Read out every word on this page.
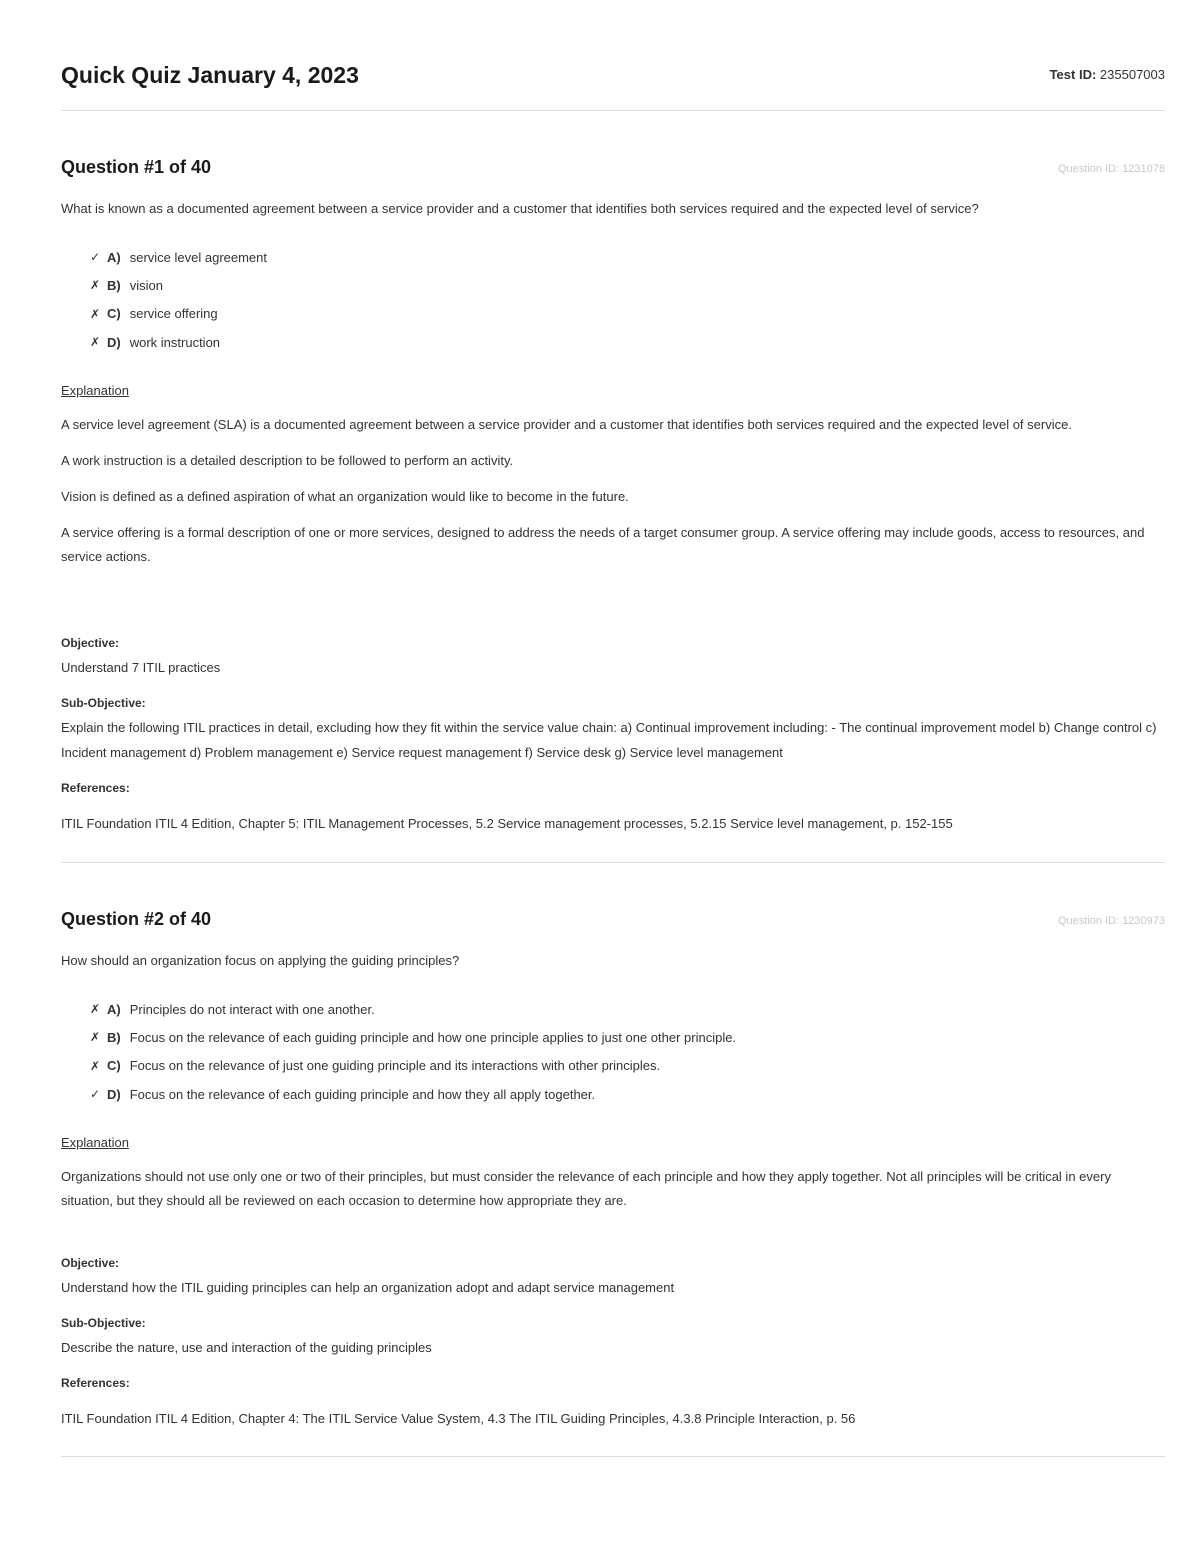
Quick Quiz January 4, 2023	Test ID: 235507003
Question #1 of 40	Question ID: 1231078
What is known as a documented agreement between a service provider and a customer that identifies both services required and the expected level of service?
✓ A) service level agreement
✗ B) vision
✗ C) service offering
✗ D) work instruction
Explanation

A service level agreement (SLA) is a documented agreement between a service provider and a customer that identifies both services required and the expected level of service.

A work instruction is a detailed description to be followed to perform an activity.

Vision is defined as a defined aspiration of what an organization would like to become in the future.

A service offering is a formal description of one or more services, designed to address the needs of a target consumer group. A service offering may include goods, access to resources, and service actions.

Objective:
Understand 7 ITIL practices
Sub-Objective:
Explain the following ITIL practices in detail, excluding how they fit within the service value chain: a) Continual improvement including: - The continual improvement model b) Change control c) Incident management d) Problem management e) Service request management f) Service desk g) Service level management
References:
ITIL Foundation ITIL 4 Edition, Chapter 5: ITIL Management Processes, 5.2 Service management processes, 5.2.15 Service level management, p. 152-155
Question #2 of 40	Question ID: 1230973
How should an organization focus on applying the guiding principles?
✗ A) Principles do not interact with one another.
✗ B) Focus on the relevance of each guiding principle and how one principle applies to just one other principle.
✗ C) Focus on the relevance of just one guiding principle and its interactions with other principles.
✓ D) Focus on the relevance of each guiding principle and how they all apply together.
Explanation

Organizations should not use only one or two of their principles, but must consider the relevance of each principle and how they apply together. Not all principles will be critical in every situation, but they should all be reviewed on each occasion to determine how appropriate they are.

Objective:
Understand how the ITIL guiding principles can help an organization adopt and adapt service management
Sub-Objective:
Describe the nature, use and interaction of the guiding principles
References:
ITIL Foundation ITIL 4 Edition, Chapter 4: The ITIL Service Value System, 4.3 The ITIL Guiding Principles, 4.3.8 Principle Interaction, p. 56
